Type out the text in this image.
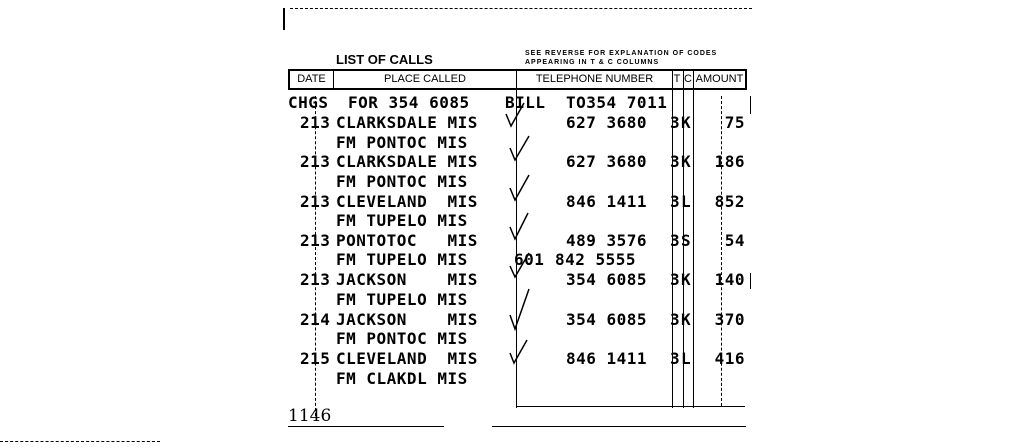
LIST OF CALLS	SEE REVERSE FOR EXPLANATION OF CODES
APPEARING IN T & C COLUMNS
DATE	PLACE CALLED	TELEPHONE NUMBER	T C AMOUNT
CHGS FOR 354 6085 BILL TO354 7011
213 CLARKSDALE MIS	627 3680 3 K	75
FM PONTOC MIS
213 CLARKSDALE MIS	627 3680 3 K	186
FM PONTOC MIS
213 CLEVELAND  MIS	846 1411 3 L	852
FM TUPELO MIS
213 PONTOTOC   MIS	489 3576 3 S	54
FM TUPELO MIS	601 842 5555
213 JACKSON    MIS	354 6085 3 K	140
FM TUPELO MIS
214 JACKSON    MIS	354 6085 3 K	370
FM PONTOC MIS
215 CLEVELAND  MIS	846 1411 3 L	416
FM CLAKDL MIS
1146
